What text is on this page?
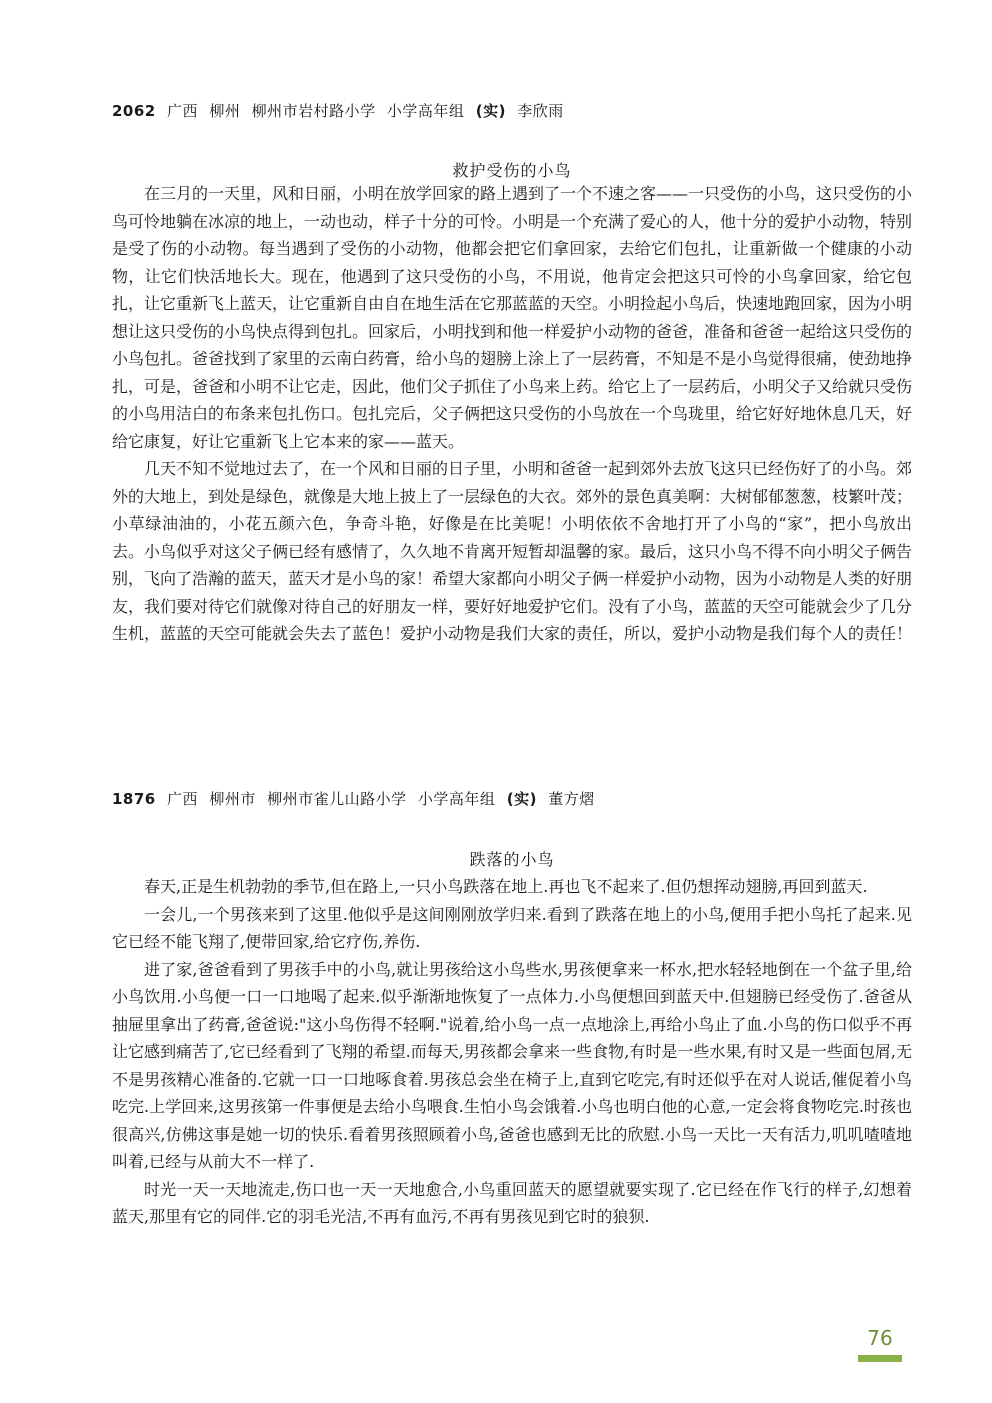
2062 广西 柳州 柳州市岩村路小学 小学高年组 (实) 李欣雨
救护受伤的小鸟

在三月的一天里，风和日丽，小明在放学回家的路上遇到了一个不速之客——一只受伤的小鸟，这只受伤的小鸟可怜地躺在冰凉的地上，一动也动，样子十分的可怜。小明是一个充满了爱心的人，他十分的爱护小动物，特别是受了伤的小动物。每当遇到了受伤的小动物，他都会把它们拿回家，去给它们包扎，让重新做一个健康的小动物，让它们快活地长大。现在，他遇到了这只受伤的小鸟，不用说，他肯定会把这只可怜的小鸟拿回家，给它包扎，让它重新飞上蓝天，让它重新自由自在地生活在它那蓝蓝的天空。小明捡起小鸟后，快速地跑回家，因为小明想让这只受伤的小鸟快点得到包扎。回家后，小明找到和他一样爱护小动物的爸爸，准备和爸爸一起给这只受伤的小鸟包扎。爸爸找到了家里的云南白药膏，给小鸟的翅膀上涂上了一层药膏，不知是不是小鸟觉得很痛，使劲地挣扎，可是，爸爸和小明不让它走，因此，他们父子抓住了小鸟来上药。给它上了一层药后，小明父子又给就只受伤的小鸟用洁白的布条来包扎伤口。包扎完后，父子俩把这只受伤的小鸟放在一个鸟珑里，给它好好地休息几天，好给它康复，好让它重新飞上它本来的家——蓝天。

几天不知不觉地过去了，在一个风和日丽的日子里，小明和爸爸一起到郊外去放飞这只已经伤好了的小鸟。郊外的大地上，到处是绿色，就像是大地上披上了一层绿色的大衣。郊外的景色真美啊：大树郁郁葱葱，枝繁叶茂；小草绿油油的，小花五颜六色，争奇斗艳，好像是在比美呢！小明依依不舍地打开了小鸟的“家”，把小鸟放出去。小鸟似乎对这父子俩已经有感情了，久久地不肯离开短暂却温馨的家。最后，这只小鸟不得不向小明父子俩告别，飞向了浩瀚的蓝天，蓝天才是小鸟的家！希望大家都向小明父子俩一样爱护小动物，因为小动物是人类的好朋友，我们要对待它们就像对待自己的好朋友一样，要好好地爱护它们。没有了小鸟，蓝蓝的天空可能就会少了几分生机，蓝蓝的天空可能就会失去了蓝色！爱护小动物是我们大家的责任，所以，爱护小动物是我们每个人的责任！

1876 广西 柳州市 柳州市雀儿山路小学 小学高年组 (实) 董方熠
跌落的小鸟

春天,正是生机勃勃的季节,但在路上,一只小鸟跌落在地上.再也飞不起来了.但仍想挥动翅膀,再回到蓝天.

一会儿,一个男孩来到了这里.他似乎是这间刚刚放学归来.看到了跌落在地上的小鸟,便用手把小鸟托了起来.见它已经不能飞翔了,便带回家,给它疗伤,养伤.

进了家,爸爸看到了男孩手中的小鸟,就让男孩给这小鸟些水,男孩便拿来一杯水,把水轻轻地倒在一个盆子里,给小鸟饮用.小鸟便一口一口地喝了起来.似乎渐渐地恢复了一点体力.小鸟便想回到蓝天中.但翅膀已经受伤了.爸爸从抽屉里拿出了药膏,爸爸说:"这小鸟伤得不轻啊."说着,给小鸟一点一点地涂上,再给小鸟止了血.小鸟的伤口似乎不再让它感到痛苦了,它已经看到了飞翔的希望.而每天,男孩都会拿来一些食物,有时是一些水果,有时又是一些面包屑,无不是男孩精心准备的.它就一口一口地啄食着.男孩总会坐在椅子上,直到它吃完,有时还似乎在对人说话,催促着小鸟吃完.上学回来,这男孩第一件事便是去给小鸟喂食.生怕小鸟会饿着.小鸟也明白他的心意,一定会将食物吃完.时孩也很高兴,仿佛这事是她一切的快乐.看着男孩照顾着小鸟,爸爸也感到无比的欣慰.小鸟一天比一天有活力,叽叽喳喳地叫着,已经与从前大不一样了.

时光一天一天地流走,伤口也一天一天地愈合,小鸟重回蓝天的愿望就要实现了.它已经在作飞行的样子,幻想着蓝天,那里有它的同伴.它的羽毛光洁,不再有血污,不再有男孩见到它时的狼狈.

76
